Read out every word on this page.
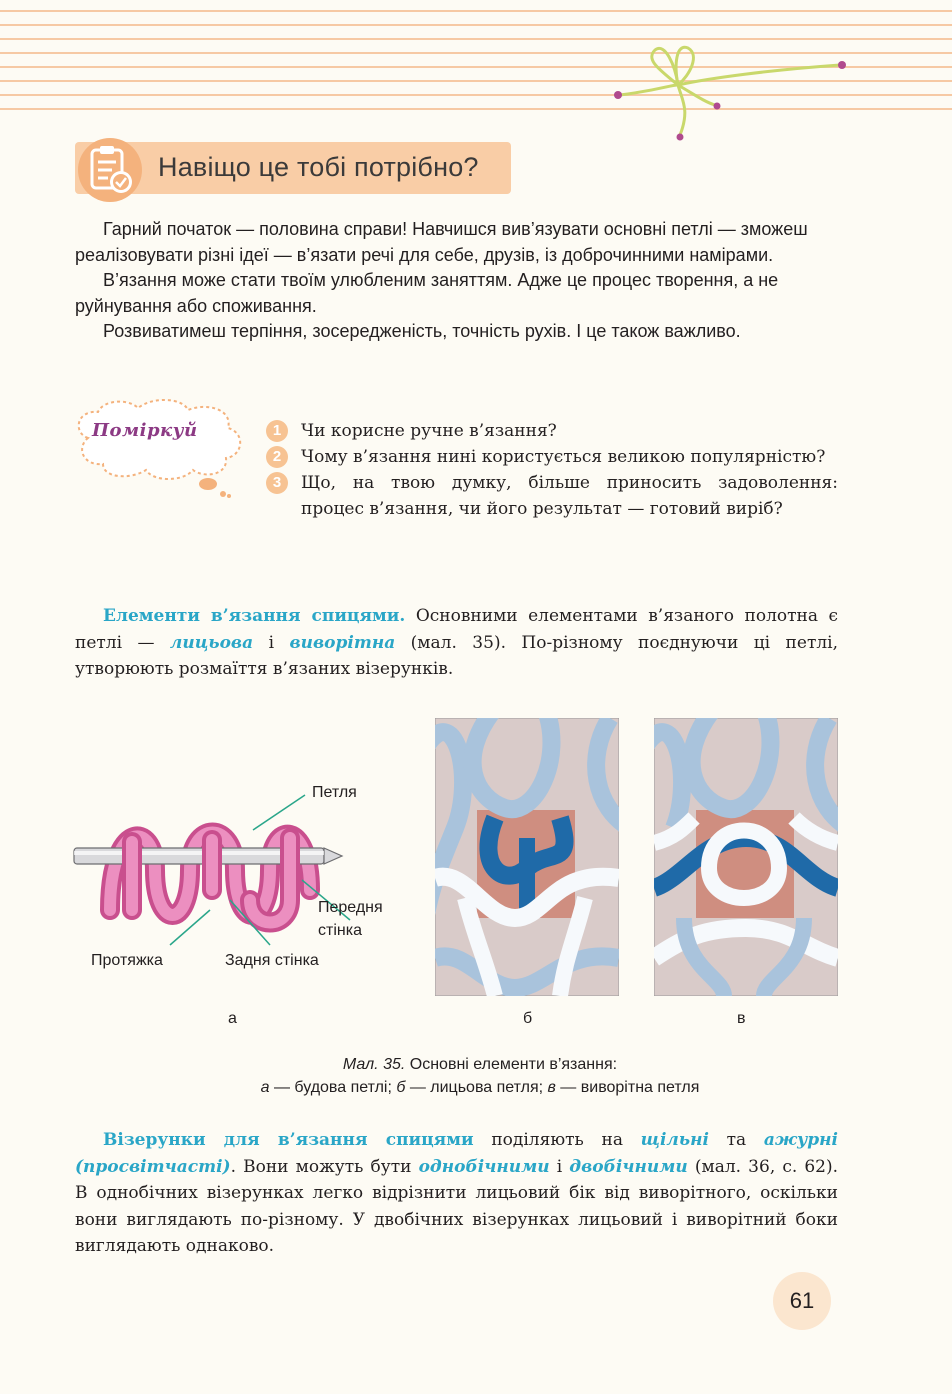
Навіщо це тобі потрібно?
Гарний початок — половина справи! Навчишся вив’язувати основні петлі — зможеш реалізовувати різні ідеї — в’язати речі для себе, друзів, із доброчинними намірами.
В’язання може стати твоїм улюбленим заняттям. Адже це процес творення, а не руйнування або споживання.
Розвиватимеш терпіння, зосередженість, точність рухів. І це також важливо.
Поміркуй	1	Чи корисне ручне в’язання?

2	Чому в’язання нині користується великою популярністю?

3	Що, на твою думку, більше приносить задоволення: процес в’язання, чи його результат — готовий виріб?

Елементи в’язання спицями. Основними елементами в’язаного полотна є петлі — лицьова і виворітна (мал. 35). По-різному поєднуючи ці петлі, утворюють розмаїття в’язаних візерунків.
Петля
Передня
стінка
Протяжка	Задня стінка
а	б	в
Мал. 35. Основні елементи в’язання:
а — будова петлі; б — лицьова петля; в — виворітна петля
Візерунки для в’язання спицями поділяють на щільні та ажурні (просвітчасті). Вони можуть бути однобічними і двобічними (мал. 36, с. 62). В однобічних візерунках легко відрізнити лицьовий бік від виворітного, оскільки вони виглядають по-різному. У двобічних візерунках лицьовий і виворітний боки виглядають однаково.
61
